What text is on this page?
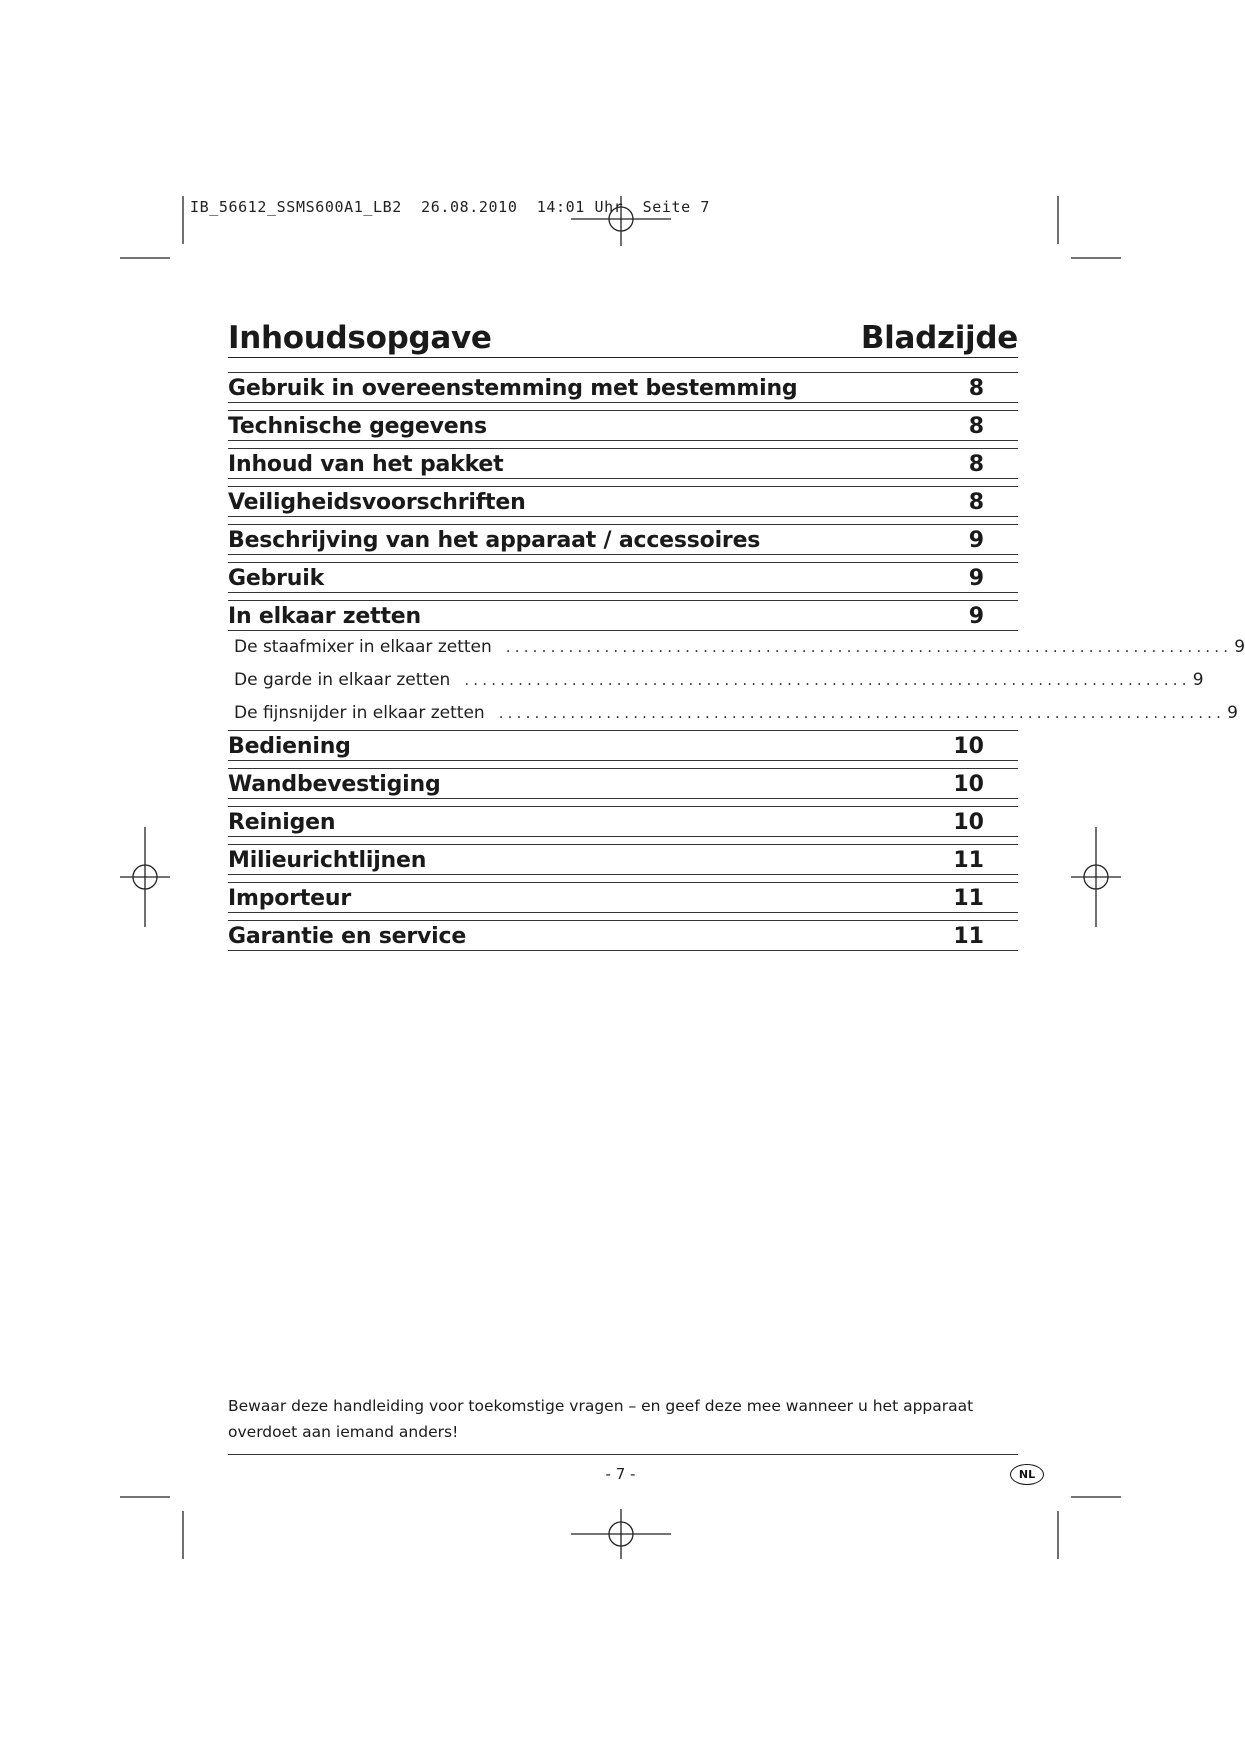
IB_56612_SSMS600A1_LB2  26.08.2010  14:01 Uhr  Seite 7
Inhoudsopgave	Bladzijde
Gebruik in overeenstemming met bestemming	8
Technische gegevens	8
Inhoud van het pakket	8
Veiligheidsvoorschriften	8
Beschrijving van het apparaat / accessoires	9
Gebruik	9
In elkaar zetten	9
De staafmixer in elkaar zetten ................................................................................. 9
De garde in elkaar zetten ................................................................................. 9
De fijnsnijder in elkaar zetten ................................................................................. 9
Bediening	10
Wandbevestiging	10
Reinigen	10
Milieurichtlijnen	11
Importeur	11
Garantie en service	11
Bewaar deze handleiding voor toekomstige vragen – en geef deze mee wanneer u het apparaat overdoet aan iemand anders!
- 7 -	NL
